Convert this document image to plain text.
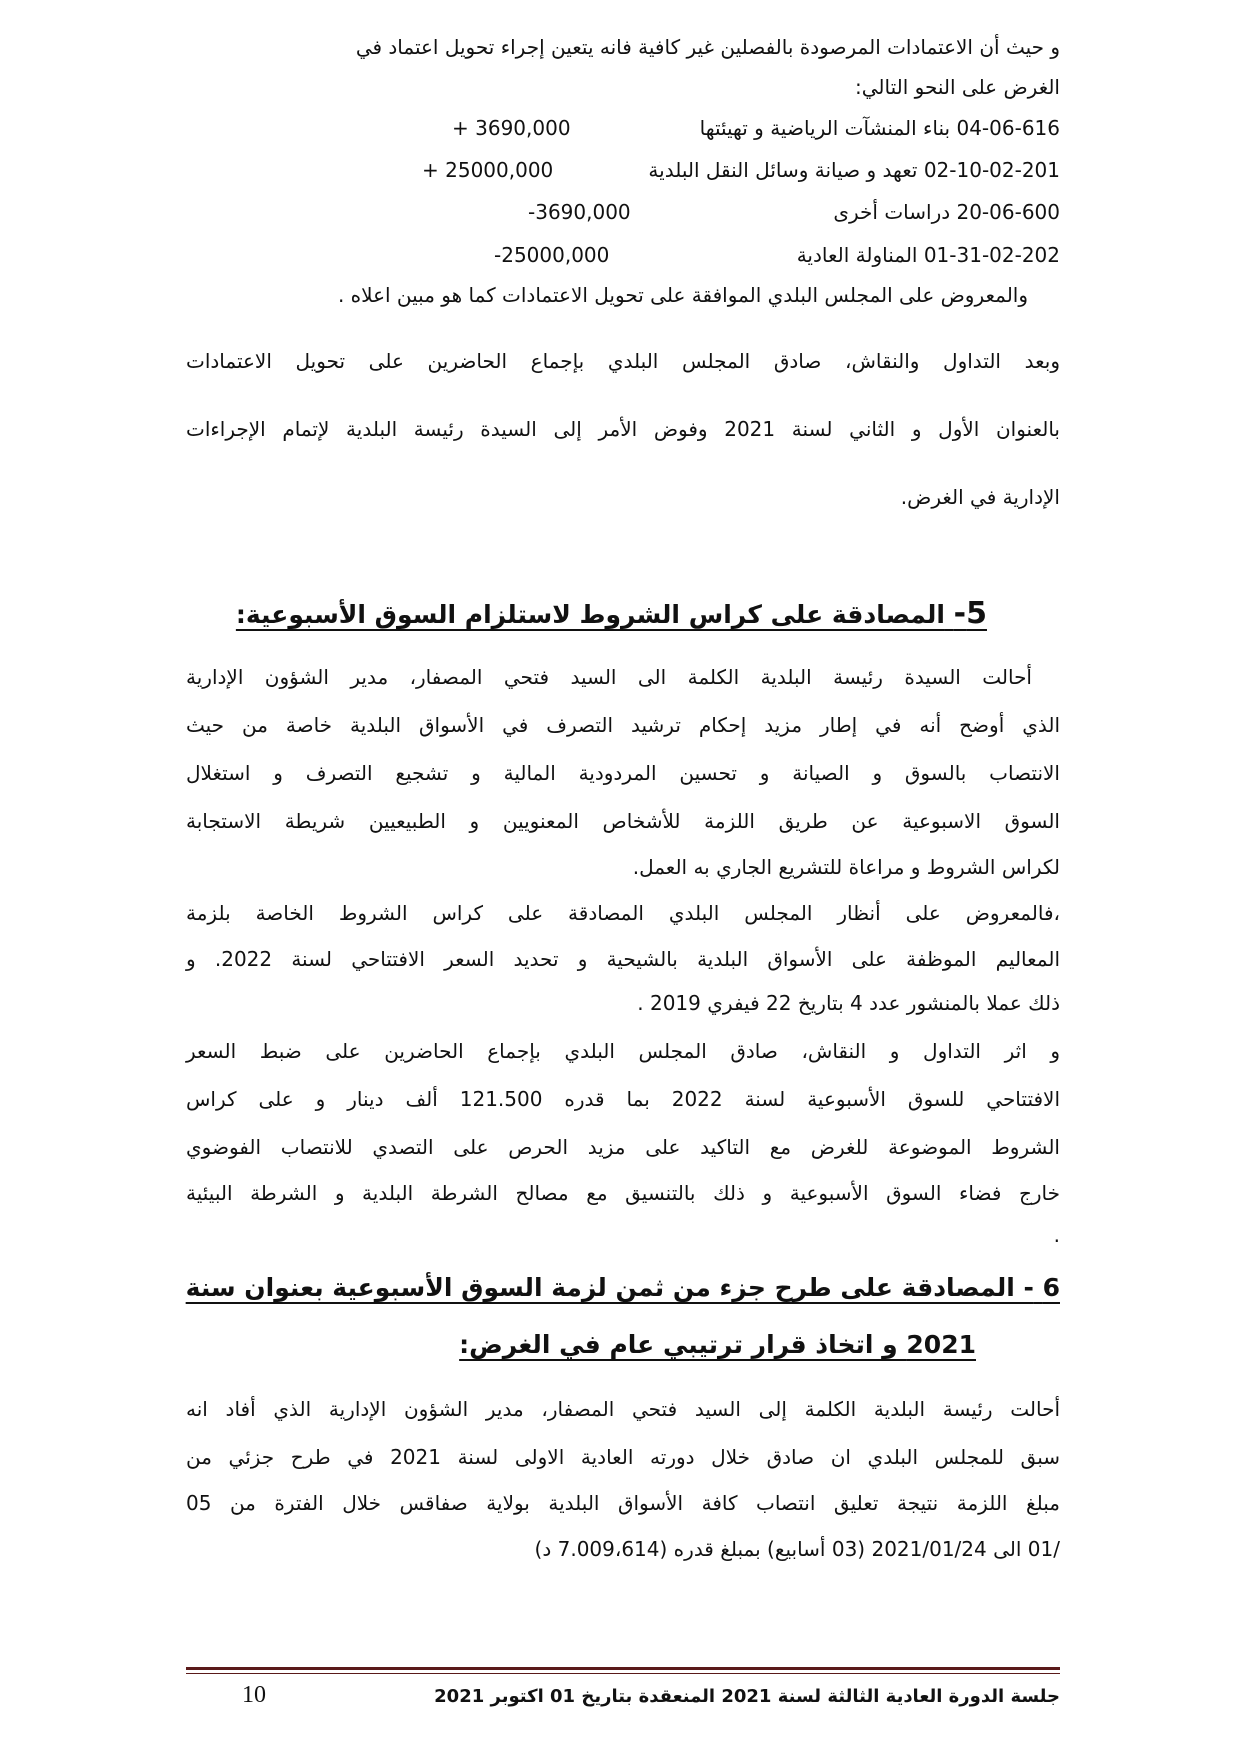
و حيث أن الاعتمادات المرصودة بالفصلين غير كافية فانه يتعين إجراء تحويل اعتماد في
الغرض على النحو التالي:
04-06-616 بناء المنشآت الرياضية و تهيئتها
+ 3690,000
02-10-02-201 تعهد و صيانة وسائل النقل البلدية
+ 25000,000
20-06-600 دراسات أخرى
-3690,000
01-31-02-202 المناولة العادية
-25000,000
والمعروض على المجلس البلدي الموافقة على تحويل الاعتمادات كما هو مبين اعلاه .
وبعد التداول والنقاش، صادق المجلس البلدي بإجماع الحاضرين على تحويل الاعتمادات
بالعنوان الأول و الثاني لسنة 2021 وفوض الأمر إلى السيدة رئيسة البلدية لإتمام الإجراءات
الإدارية في الغرض.
5- المصادقة على كراس الشروط لاستلزام السوق الأسبوعية:
أحالت السيدة رئيسة البلدية الكلمة الى السيد فتحي المصفار، مدير الشؤون الإدارية
الذي أوضح أنه في إطار مزيد إحكام ترشيد التصرف في الأسواق البلدية خاصة من حيث
الانتصاب بالسوق و الصيانة و تحسين المردودية المالية و تشجيع التصرف و استغلال
السوق الاسبوعية عن طريق اللزمة للأشخاص المعنويين و الطبيعيين شريطة الاستجابة
لكراس الشروط و مراعاة للتشريع الجاري به العمل.
،فالمعروض على أنظار المجلس البلدي المصادقة على كراس الشروط الخاصة بلزمة
المعاليم الموظفة على الأسواق البلدية بالشيحية و تحديد السعر الافتتاحي لسنة 2022. و
ذلك عملا بالمنشور عدد 4 بتاريخ 22 فيفري 2019 .
و اثر التداول و النقاش، صادق المجلس البلدي بإجماع الحاضرين على ضبط السعر
الافتتاحي للسوق الأسبوعية لسنة 2022 بما قدره 121.500 ألف دينار و على كراس
الشروط الموضوعة للغرض مع التاكيد على مزيد الحرص على التصدي للانتصاب الفوضوي
خارج فضاء السوق الأسبوعية و ذلك بالتنسيق مع مصالح الشرطة البلدية و الشرطة البيئية
.
6 - المصادقة على طرح جزء من ثمن لزمة السوق الأسبوعية بعنوان سنة
2021 و اتخاذ قرار ترتيبي عام في الغرض:
أحالت رئيسة البلدية الكلمة إلى السيد فتحي المصفار، مدير الشؤون الإدارية الذي أفاد انه
سبق للمجلس البلدي ان صادق خلال دورته العادية الاولى لسنة 2021 في طرح جزئي من
مبلغ اللزمة نتيجة تعليق انتصاب كافة الأسواق البلدية بولاية صفاقس خلال الفترة من 05
/01 الى 2021/01/24 (03 أسابيع) بمبلغ قدره (7.009،614 د)
10	جلسة الدورة العادية الثالثة لسنة 2021 المنعقدة بتاريخ 01 اكتوبر 2021
